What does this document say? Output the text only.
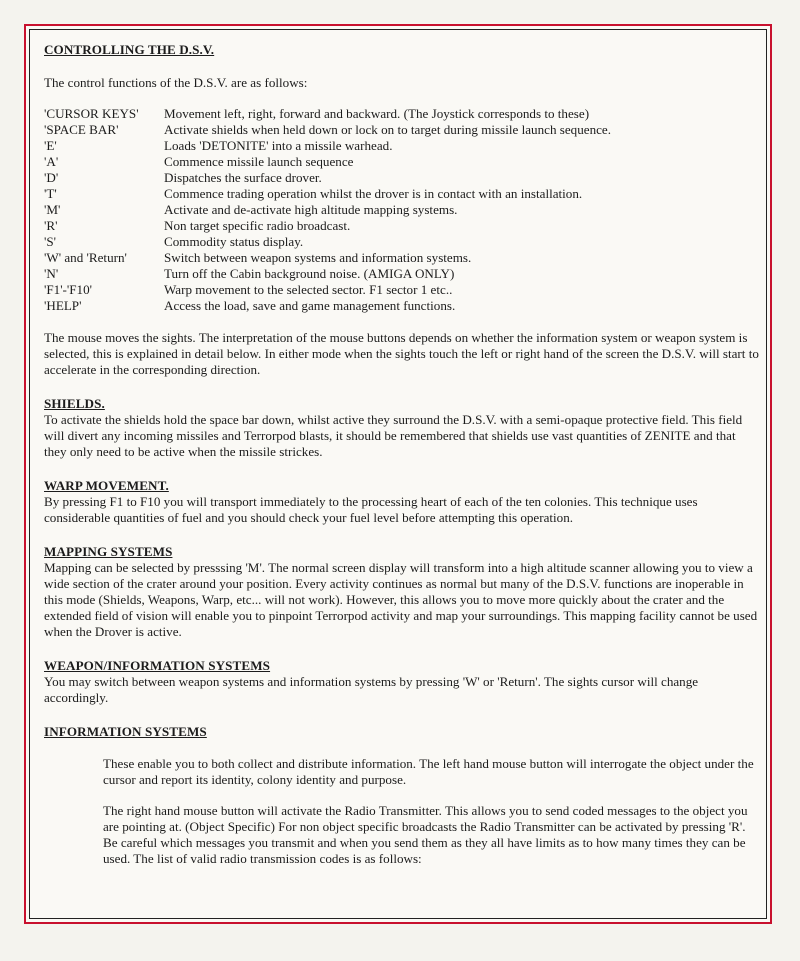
CONTROLLING THE D.S.V.

The control functions of the D.S.V. are as follows:

'CURSOR KEYS'	Movement left, right, forward and backward. (The Joystick corresponds to these)
'SPACE BAR'	Activate shields when held down or lock on to target during missile launch sequence.
'E'	Loads 'DETONITE' into a missile warhead.
'A'	Commence missile launch sequence
'D'	Dispatches the surface drover.
'T'	Commence trading operation whilst the drover is in contact with an installation.
'M'	Activate and de-activate high altitude mapping systems.
'R'	Non target specific radio broadcast.
'S'	Commodity status display.
'W' and 'Return'	Switch between weapon systems and information systems.
'N'	Turn off the Cabin background noise. (AMIGA ONLY)
'F1'-'F10'	Warp movement to the selected sector. F1 sector 1 etc..
'HELP'	Access the load, save and game management functions.

The mouse moves the sights. The interpretation of the mouse buttons depends on whether the information system or weapon system is selected, this is explained in detail below. In either mode when the sights touch the left or right hand of the screen the D.S.V. will start to accelerate in the corresponding direction.

SHIELDS.

To activate the shields hold the space bar down, whilst active they surround the D.S.V. with a semi-opaque protective field. This field will divert any incoming missiles and Terrorpod blasts, it should be remembered that shields use vast quantities of ZENITE and that they only need to be active when the missile strickes.

WARP MOVEMENT.

By pressing F1 to F10 you will transport immediately to the processing heart of each of the ten colonies. This technique uses considerable quantities of fuel and you should check your fuel level before attempting this operation.

MAPPING SYSTEMS

Mapping can be selected by presssing 'M'. The normal screen display will transform into a high altitude scanner allowing you to view a wide section of the crater around your position. Every activity continues as normal but many of the D.S.V. functions are inoperable in this mode (Shields, Weapons, Warp, etc... will not work). However, this allows you to move more quickly about the crater and the extended field of vision will enable you to pinpoint Terrorpod activity and map your surroundings. This mapping facility cannot be used when the Drover is active.

WEAPON/INFORMATION SYSTEMS

You may switch between weapon systems and information systems by pressing 'W' or 'Return'. The sights cursor will change accordingly.

INFORMATION SYSTEMS

These enable you to both collect and distribute information. The left hand mouse button will interrogate the object under the cursor and report its identity, colony identity and purpose.

The right hand mouse button will activate the Radio Transmitter. This allows you to send coded messages to the object you are pointing at. (Object Specific) For non object specific broadcasts the Radio Transmitter can be activated by pressing 'R'. Be careful which messages you transmit and when you send them as they all have limits as to how many times they can be used. The list of valid radio transmission codes is as follows:
